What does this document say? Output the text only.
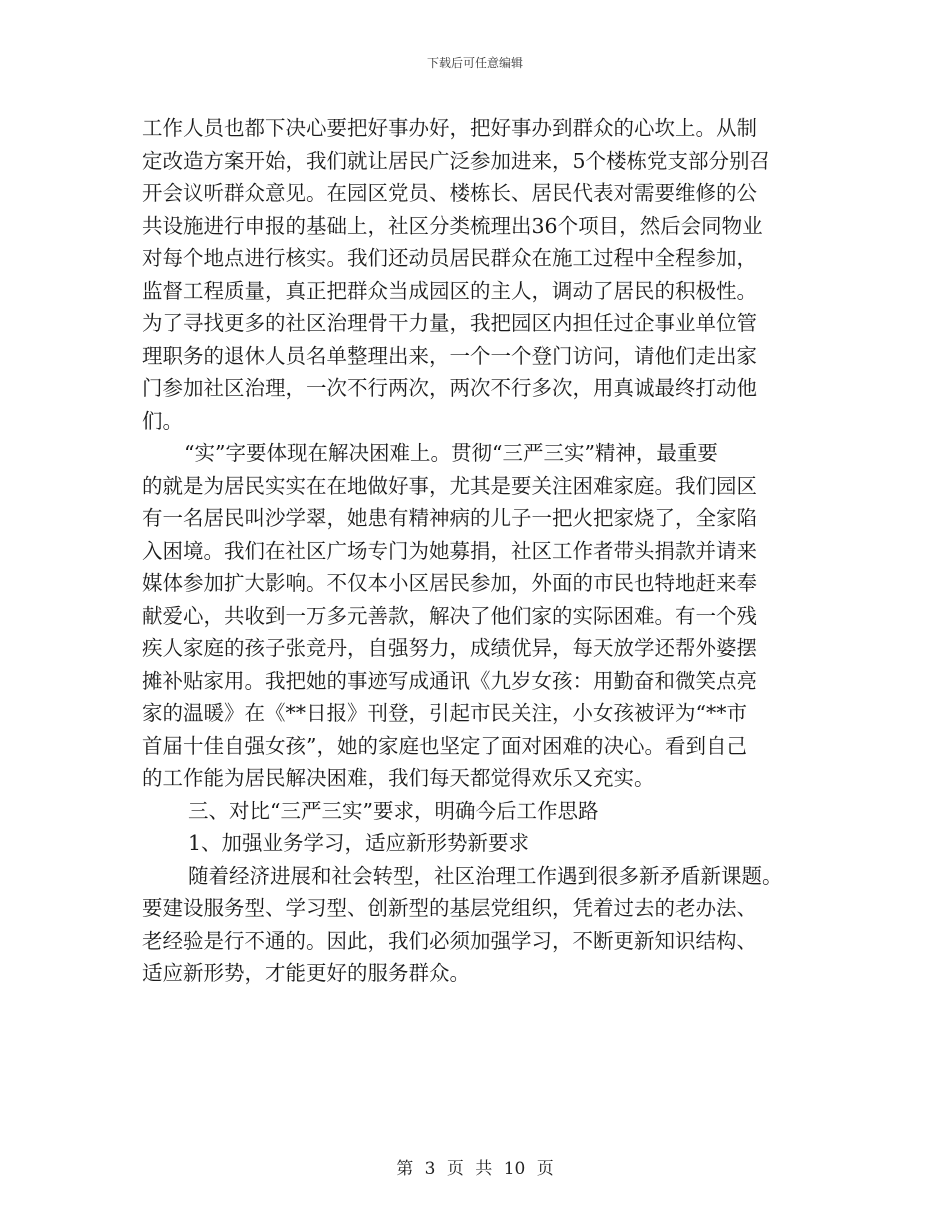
下载后可任意编辑
工作人员也都下决心要把好事办好，把好事办到群众的心坎上。从制
定改造方案开始，我们就让居民广泛参加进来，5个楼栋党支部分别召
开会议听群众意见。在园区党员、楼栋长、居民代表对需要维修的公
共设施进行申报的基础上，社区分类梳理出36个项目，然后会同物业
对每个地点进行核实。我们还动员居民群众在施工过程中全程参加，
监督工程质量，真正把群众当成园区的主人，调动了居民的积极性。
为了寻找更多的社区治理骨干力量，我把园区内担任过企事业单位管
理职务的退休人员名单整理出来，一个一个登门访问，请他们走出家
门参加社区治理，一次不行两次，两次不行多次，用真诚最终打动他
们。
“实”字要体现在解决困难上。贯彻“三严三实”精神，最重要
的就是为居民实实在在地做好事，尤其是要关注困难家庭。我们园区
有一名居民叫沙学翠，她患有精神病的儿子一把火把家烧了，全家陷
入困境。我们在社区广场专门为她募捐，社区工作者带头捐款并请来
媒体参加扩大影响。不仅本小区居民参加，外面的市民也特地赶来奉
献爱心，共收到一万多元善款，解决了他们家的实际困难。有一个残
疾人家庭的孩子张竞丹，自强努力，成绩优异，每天放学还帮外婆摆
摊补贴家用。我把她的事迹写成通讯《九岁女孩：用勤奋和微笑点亮
家的温暖》在《**日报》刊登，引起市民关注，小女孩被评为“**市
首届十佳自强女孩”，她的家庭也坚定了面对困难的决心。看到自己
的工作能为居民解决困难，我们每天都觉得欢乐又充实。
三、对比“三严三实”要求，明确今后工作思路
1、加强业务学习，适应新形势新要求
随着经济进展和社会转型，社区治理工作遇到很多新矛盾新课题。
要建设服务型、学习型、创新型的基层党组织，凭着过去的老办法、
老经验是行不通的。因此，我们必须加强学习，不断更新知识结构、
适应新形势，才能更好的服务群众。
第 3 页 共 10 页
